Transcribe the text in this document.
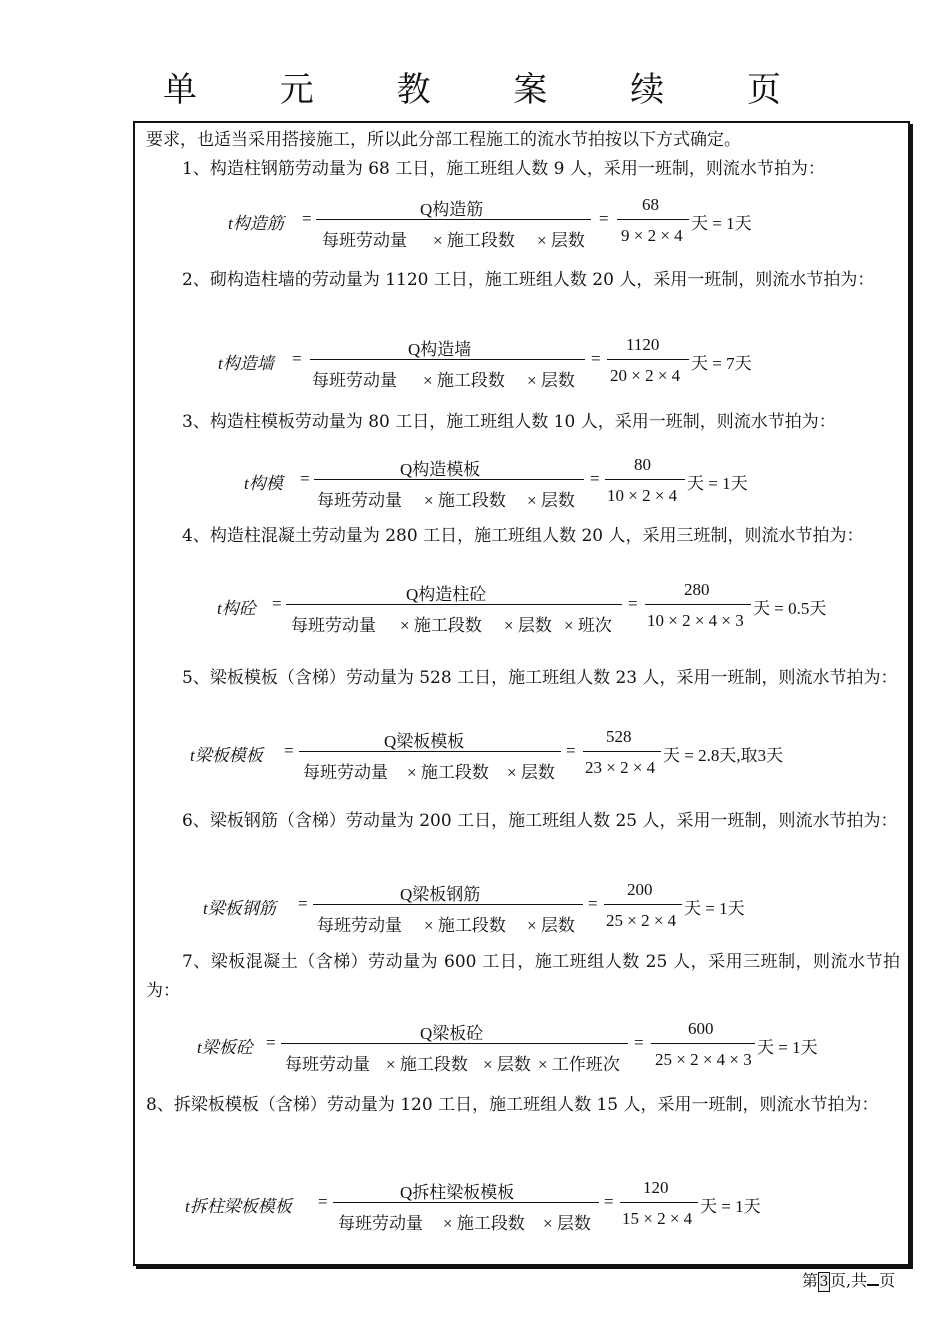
单 元 教 案 续 页
要求，也适当采用搭接施工，所以此分部工程施工的流水节拍按以下方式确定。
1、构造柱钢筋劳动量为 68 工日，施工班组人数 9 人，采用一班制，则流水节拍为：
t构造筋 =	Q构造筋
每班劳动量 × 施工段数 × 层数
=
68
9 × 2 × 4
天 = 1天
2、砌构造柱墙的劳动量为 1120 工日，施工班组人数 20 人，采用一班制，则流水节拍为：
t构造墙 =	Q构造墙
每班劳动量 × 施工段数 × 层数
=
1120
20 × 2 × 4
天 = 7天
3、构造柱模板劳动量为 80 工日，施工班组人数 10 人，采用一班制，则流水节拍为：
t构模 =	Q构造模板
每班劳动量 × 施工段数 × 层数
=
80
10 × 2 × 4
天 = 1天
4、构造柱混凝土劳动量为 280 工日，施工班组人数 20 人，采用三班制，则流水节拍为：
t构砼 =	Q构造柱砼
每班劳动量 × 施工段数 × 层数 × 班次
=
280
10 × 2 × 4 × 3
天 = 0.5天
5、梁板模板（含梯）劳动量为 528 工日，施工班组人数 23 人，采用一班制，则流水节拍为：
t梁板模板 =	Q梁板模板
每班劳动量 × 施工段数 × 层数
=
528
23 × 2 × 4
天 = 2.8天,取3天
6、梁板钢筋（含梯）劳动量为 200 工日，施工班组人数 25 人，采用一班制，则流水节拍为：
t梁板钢筋 =	Q梁板钢筋
每班劳动量 × 施工段数 × 层数
=
200
25 × 2 × 4
天 = 1天
7、梁板混凝土（含梯）劳动量为 600 工日，施工班组人数 25 人，采用三班制，则流水节拍为：
t梁板砼 =	Q梁板砼
每班劳动量 × 施工段数 × 层数 × 工作班次
=
600
25 × 2 × 4 × 3
天 = 1天
8、拆梁板模板（含梯）劳动量为 120 工日，施工班组人数 15 人，采用一班制，则流水节拍为：
t拆柱梁板模板 =	Q拆柱梁板模板
每班劳动量 × 施工段数 × 层数
=
120
15 × 2 × 4
天 = 1天
第 3页,共 页
